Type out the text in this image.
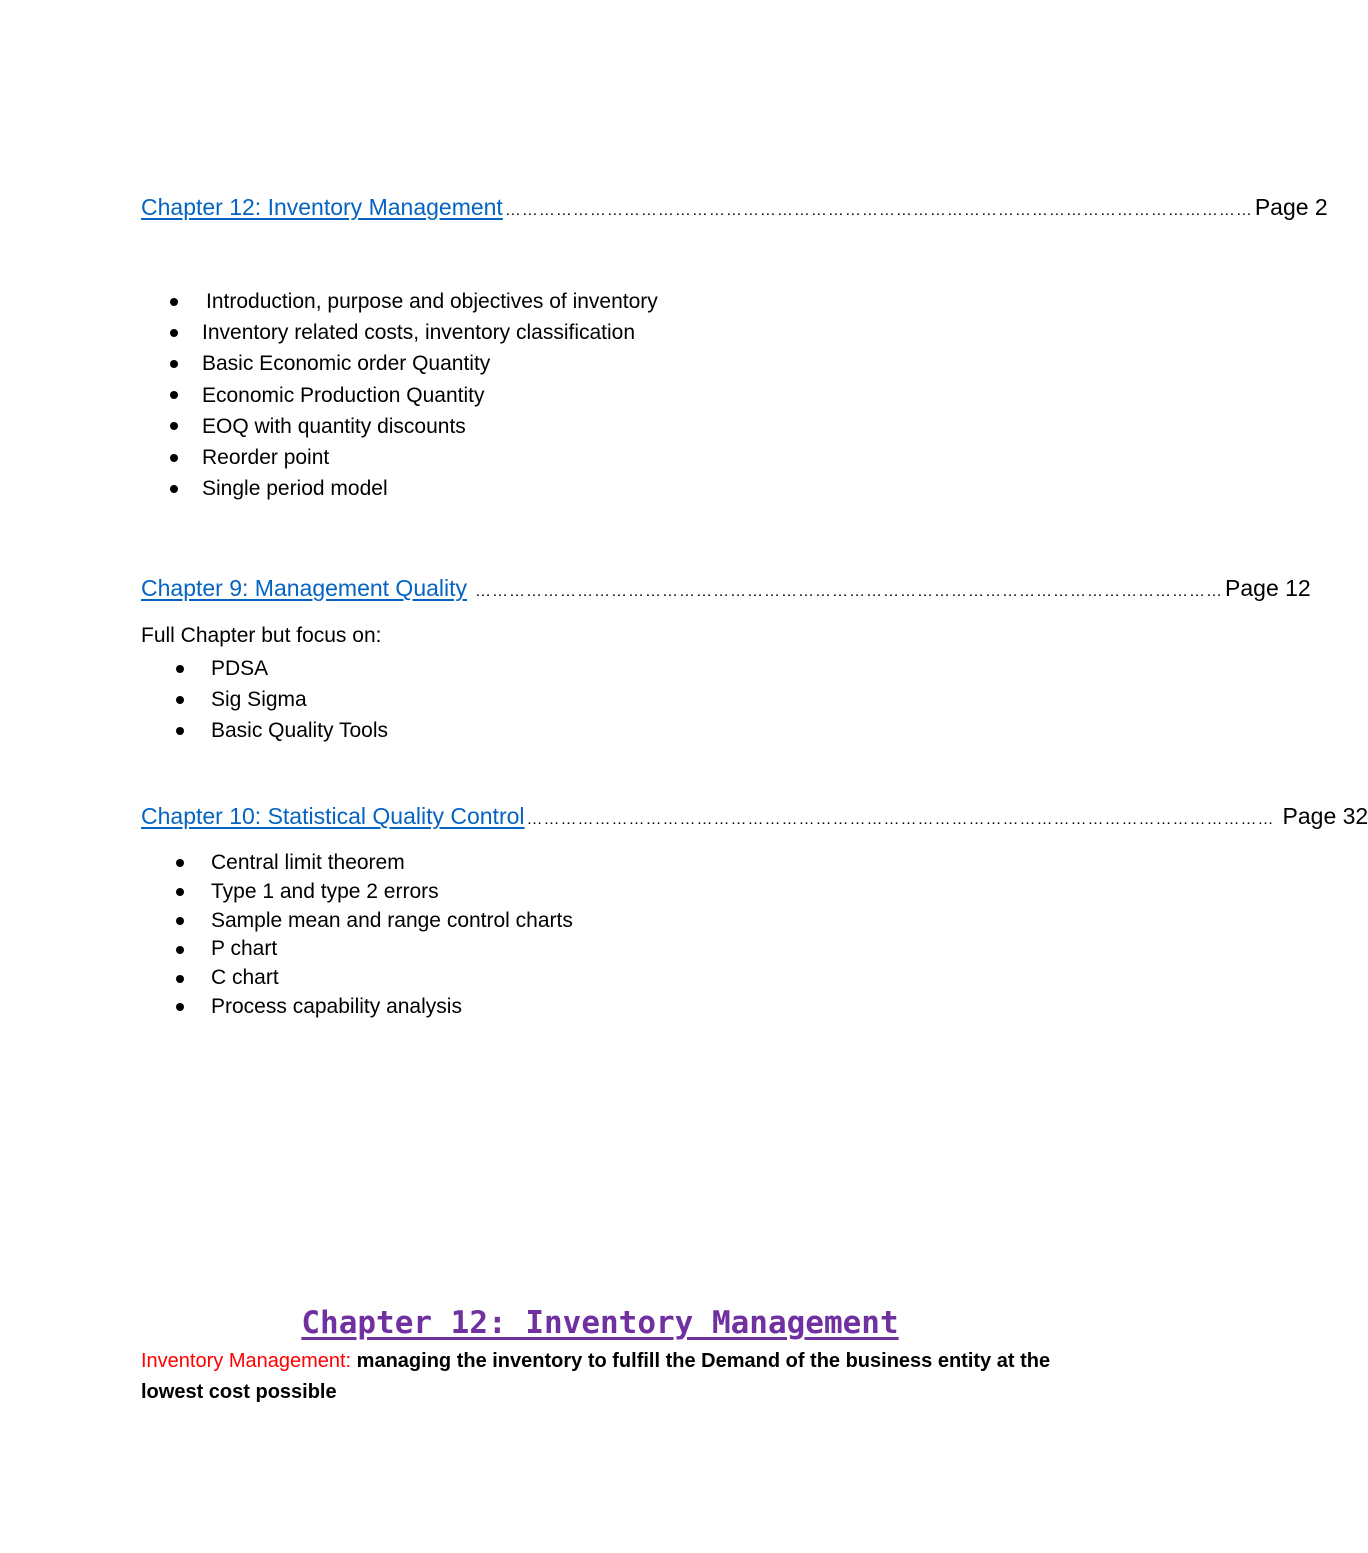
Chapter 12: Inventory Management …………………………………………………………………………………………………………………… Page 2
Introduction, purpose and objectives of inventory
Inventory related costs, inventory classification
Basic Economic order Quantity
Economic Production Quantity
EOQ with quantity discounts
Reorder point
Single period model
Chapter 9: Management Quality …………………………………………………………………………………………………………………… Page 12
Full Chapter but focus on:
PDSA
Sig Sigma
Basic Quality Tools
Chapter 10: Statistical Quality Control …………………………………………………………………………………………………………………… Page 32
Central limit theorem
Type 1 and type 2 errors
Sample mean and range control charts
P chart
C chart
Process capability analysis
Chapter 12: Inventory Management
Inventory Management: managing the inventory to fulfill the Demand of the business entity at the lowest cost possible
